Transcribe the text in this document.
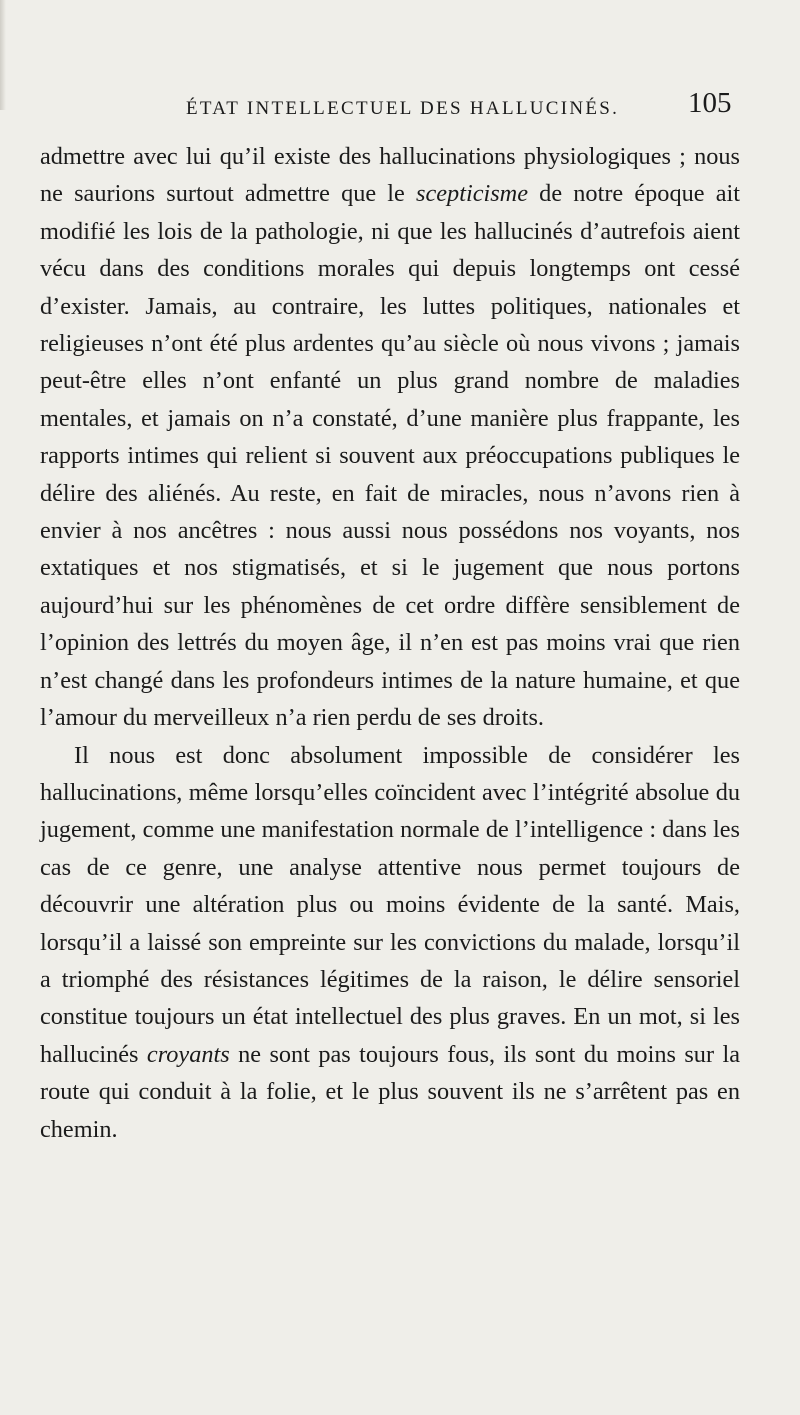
ÉTAT INTELLECTUEL DES HALLUCINÉS. 105

admettre avec lui qu’il existe des hallucinations physiologiques ; nous ne saurions surtout admettre que le scepticisme de notre époque ait modifié les lois de la pathologie, ni que les hallucinés d’autrefois aient vécu dans des conditions morales qui depuis longtemps ont cessé d’exister. Jamais, au contraire, les luttes politiques, nationales et religieuses n’ont été plus ardentes qu’au siècle où nous vivons ; jamais peut-être elles n’ont enfanté un plus grand nombre de maladies mentales, et jamais on n’a constaté, d’une manière plus frappante, les rapports intimes qui relient si souvent aux préoccupations publiques le délire des aliénés. Au reste, en fait de miracles, nous n’avons rien à envier à nos ancêtres : nous aussi nous possédons nos voyants, nos extatiques et nos stigmatisés, et si le jugement que nous portons aujourd’hui sur les phénomènes de cet ordre diffère sensiblement de l’opinion des lettrés du moyen âge, il n’en est pas moins vrai que rien n’est changé dans les profondeurs intimes de la nature humaine, et que l’amour du merveilleux n’a rien perdu de ses droits.

Il nous est donc absolument impossible de considérer les hallucinations, même lorsqu’elles coïncident avec l’intégrité absolue du jugement, comme une manifestation normale de l’intelligence : dans les cas de ce genre, une analyse attentive nous permet toujours de découvrir une altération plus ou moins évidente de la santé. Mais, lorsqu’il a laissé son empreinte sur les convictions du malade, lorsqu’il a triomphé des résistances légitimes de la raison, le délire sensoriel constitue toujours un état intellectuel des plus graves. En un mot, si les hallucinés croyants ne sont pas toujours fous, ils sont du moins sur la route qui conduit à la folie, et le plus souvent ils ne s’arrêtent pas en chemin.
